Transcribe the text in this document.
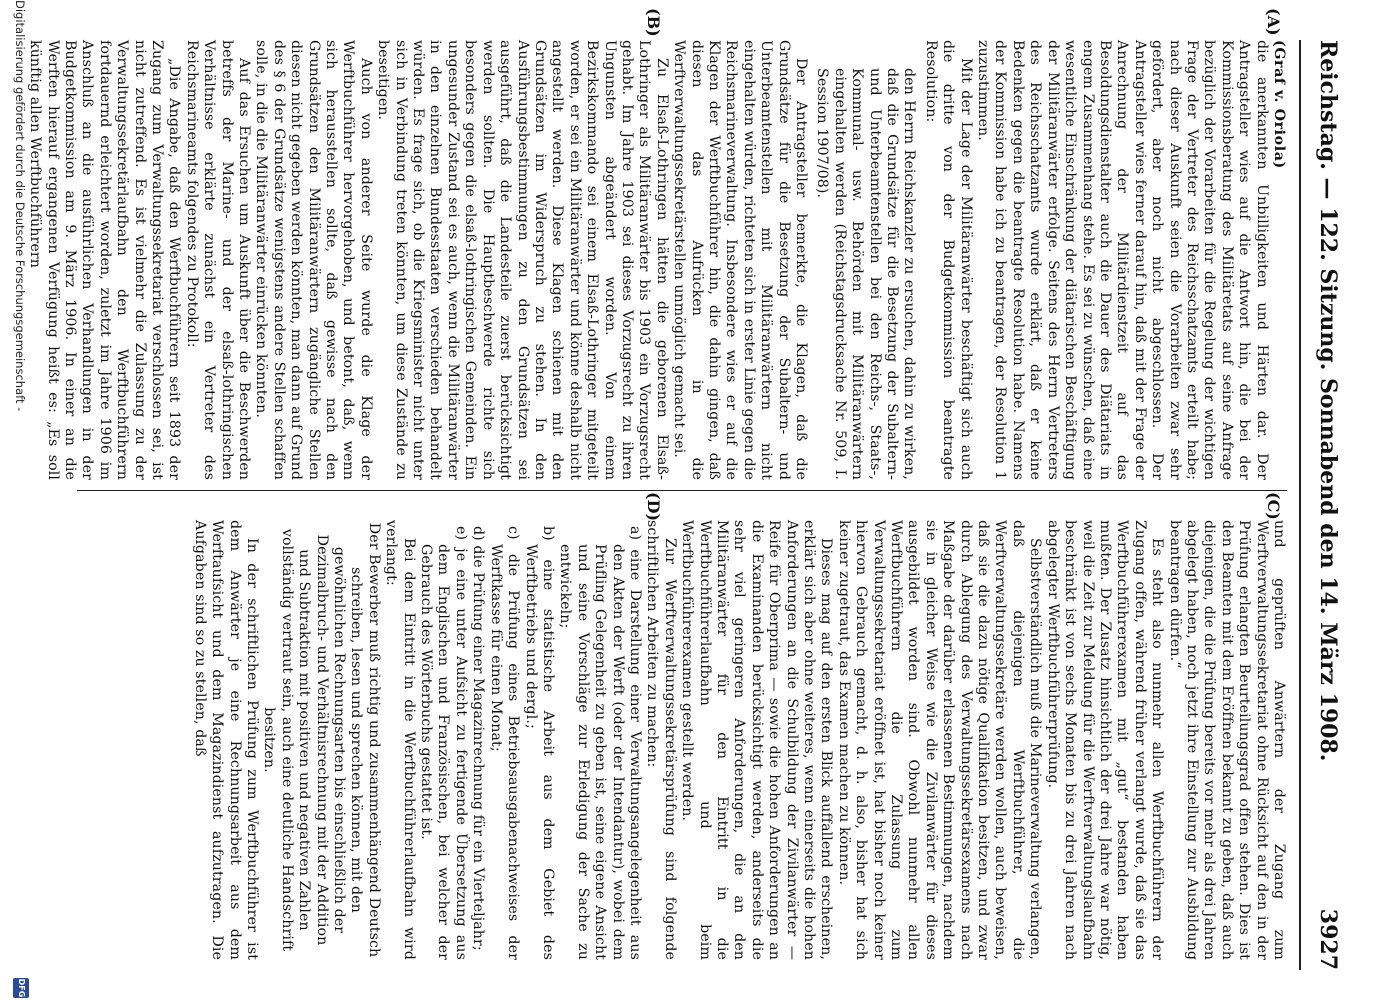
Reichstag. — 122. Sitzung. Sonnabend den 14. März 1908.
3927
(A)
(B)
(C)
(D)

(Graf v. Oriola)

die anerkannten Unbilligkeiten und Härten dar. Der Antragsteller wies auf die Antwort hin, die bei der Kommissionsberatung des Militäretats auf seine Anfrage bezüglich der Vorarbeiten für die Regelung der wichtigen Frage der Vertreter des Reichsschatzamts erteilt habe; nach dieser Auskunft seien die Vorarbeiten zwar sehr gefördert, aber noch nicht abgeschlossen. Der Antragsteller wies ferner darauf hin, daß mit der Frage der Anrechnung der Militärdienstzeit auf das Besoldungsdienstalter auch die Dauer des Diätariats in engem Zusammenhang stehe. Es sei zu wünschen, daß eine wesentliche Einschränkung der diätarischen Beschäftigung der Militäranwärter erfolge. Seitens des Herrn Vertreters des Reichsschatzamts wurde erklärt, daß er keine Bedenken gegen die beantragte Resolution habe. Namens der Kommission habe ich zu beantragen, der Resolution 1 zuzustimmen.

Mit der Lage der Militäranwärter beschäftigt sich auch die dritte von der Budgetkommission beantragte Resolution:

den Herrn Reichskanzler zu ersuchen, dahin zu wirken, daß die Grundsätze für die Besetzung der Subaltern- und Unterbeamtenstellen bei den Reichs-, Staats-, Kommunal- usw. Behörden mit Militäranwärtern eingehalten werden (Reichstagsdrucksache Nr. 509, I. Session 1907/08).

Der Antragsteller bemerkte, die Klagen, daß die Grundsätze für die Besetzung der Subaltern- und Unterbeamtenstellen mit Militäranwärtern nicht eingehalten würden, richteten sich in erster Linie gegen die Reichsmarineverwaltung. Insbesondere wies er auf die Klagen der Werftbuchführer hin, die dahin gingen, daß diesen das Aufrücken in die Werftverwaltungssekretärstellen unmöglich gemacht sei.

Zu Elsaß-Lothringen hätten die geborenen Elsaß-Lothringer als Militäranwärter bis 1903 ein Vorzugsrecht gehabt. Im Jahre 1903 sei dieses Vorzugsrecht zu ihren Ungunsten abgeändert worden. Von einem Bezirkskommando sei einem Elsaß-Lothringer mitgeteilt worden, er sei ein Militäranwärter und könne deshalb nicht angestellt werden. Diese Klagen schienen mit den Grundsätzen im Widerspruch zu stehen. In den Ausführungsbestimmungen zu den Grundsätzen sei ausgeführt, daß die Landesteile zuerst berücksichtigt werden sollten. Die Hauptbeschwerde richte sich besonders gegen die elsaß-lothringischen Gemeinden. Ein ungesunder Zustand sei es auch, wenn die Militäranwärter in den einzelnen Bundesstaaten verschieden behandelt würden. Es frage sich, ob die Kriegsminister nicht unter sich in Verbindung treten könnten, um diese Zustände zu beseitigen.

Auch von anderer Seite wurde die Klage der Werftbuchführer hervorgehoben, und betont, daß, wenn sich herausstellen sollte, daß gewisse nach den Grundsätzen den Militäranwärtern zugängliche Stellen diesen nicht gegeben werden könnten, man dann auf Grund des § 6 der Grundsätze wenigstens andere Stellen schaffen solle, in die die Militäranwärter einrücken könnten.

Auf das Ersuchen um Auskunft über die Beschwerden betreffs der Marine- und der elsaß-lothringischen Verhältnisse erklärte zunächst ein Vertreter des Reichsmarineamts folgendes zu Protokoll:

„Die Angabe, daß den Werftbuchführern seit 1893 der Zugang zum Verwaltungssekretariat verschlossen sei, ist nicht zutreffend. Es ist vielmehr die Zulassung zu der Verwaltungssekretärlaufbahn den Werftbuchführern fortdauernd erleichtert worden, zuletzt im Jahre 1906 im Anschluß an die ausführlichen Verhandlungen in der Budgetkommission am 9. März 1906. In einer an die Werften hierauf ergangenen Verfügung heißt es: „Es soll künftig allen Werftbuchführern

und geprüften Anwärtern der Zugang zum Werftverwaltungssekretariat ohne Rücksicht auf den in der Prüfung erlangten Beurteilungsgrad offen stehen. Dies ist den Beamten mit dem Eröffnen bekannt zu geben, daß auch diejenigen, die die Prüfung bereits vor mehr als drei Jahren abgelegt haben, noch jetzt ihre Einstellung zur Ausbildung beantragen dürfen.“

Es steht also nunmehr allen Werftbuchführern der Zugang offen, während früher verlangt wurde, daß sie das Werftbuchführerexamen mit „gut“ bestanden haben mußten. Der Zusatz hinsichtlich der drei Jahre war nötig, weil die Zeit zur Meldung für die Werftverwaltungslaufbahn beschränkt ist von sechs Monaten bis zu drei Jahren nach abgelegter Werftbuchführerprüfung.

Selbstverständlich muß die Marineverwaltung verlangen, daß diejenigen Werftbuchführer, die Werftverwaltungssekretäre werden wollen, auch beweisen, daß sie die dazu nötige Qualifikation besitzen, und zwar durch Ablegung des Verwaltungssekretärsexamens nach Maßgabe der darüber erlassenen Bestimmungen, nachdem sie in gleicher Weise wie die Zivilanwärter für dieses ausgebildet worden sind. Obwohl nunmehr allen Werftbuchführern die Zulassung zum Verwaltungssekretariat eröffnet ist, hat bisher noch keiner hiervon Gebrauch gemacht, d. h. also, bisher hat sich keiner zugetraut, das Examen machen zu können.

Dieses mag auf den ersten Blick auffallend erscheinen, erklärt sich aber ohne weiteres, wenn einerseits die hohen Anforderungen an die Schulbildung der Zivilanwärter — Reife für Oberprima — sowie die hohen Anforderungen an die Examinanden berücksichtigt werden, anderseits die sehr viel geringeren Anforderungen, die an den Militäranwärter für den Eintritt in die Werftbuchführerlaufbahn und beim Werftbuchführerexamen gestellt werden.

Zur Werftverwaltungssekretärsprüfung sind folgende schriftlichen Arbeiten zu machen:

a) eine Darstellung einer Verwaltungsangelegenheit aus den Akten der Werft (oder der Intendantur), wobei dem Prüfling Gelegenheit zu geben ist, seine eigene Ansicht und seine Vorschläge zur Erledigung der Sache zu entwickeln;

b) eine statistische Arbeit aus dem Gebiet des Werftbetriebs und dergl.;

c) die Prüfung eines Betriebsausgabenachweises der Werftkasse für einen Monat;

d) die Prüfung einer Magazinrechnung für ein Vierteljahr;

e) je eine unter Aufsicht zu fertigende Übersetzung aus dem Englischen und Französischen, bei welcher der Gebrauch des Wörterbuchs gestattet ist.

Bei dem Eintritt in die Werftbuchführerlaufbahn wird verlangt:

Der Bewerber muß richtig und zusammenhängend Deutsch schreiben, lesen und sprechen können, mit den gewöhnlichen Rechnungsarten bis einschließlich der Dezimalbruch- und Verhältnisrechnung mit der Addition und Subtraktion mit positiven und negativen Zahlen vollständig vertraut sein, auch eine deutliche Handschrift besitzen.

In der schriftlichen Prüfung zum Werftbuchführer ist dem Anwärter je eine Rechnungsarbeit aus dem Werftaufsicht und dem Magazindienst aufzutragen. Die Aufgaben sind so zu stellen, daß

Digitalisierung gefördert durch die Deutsche Forschungsgemeinschaft -
DFG
